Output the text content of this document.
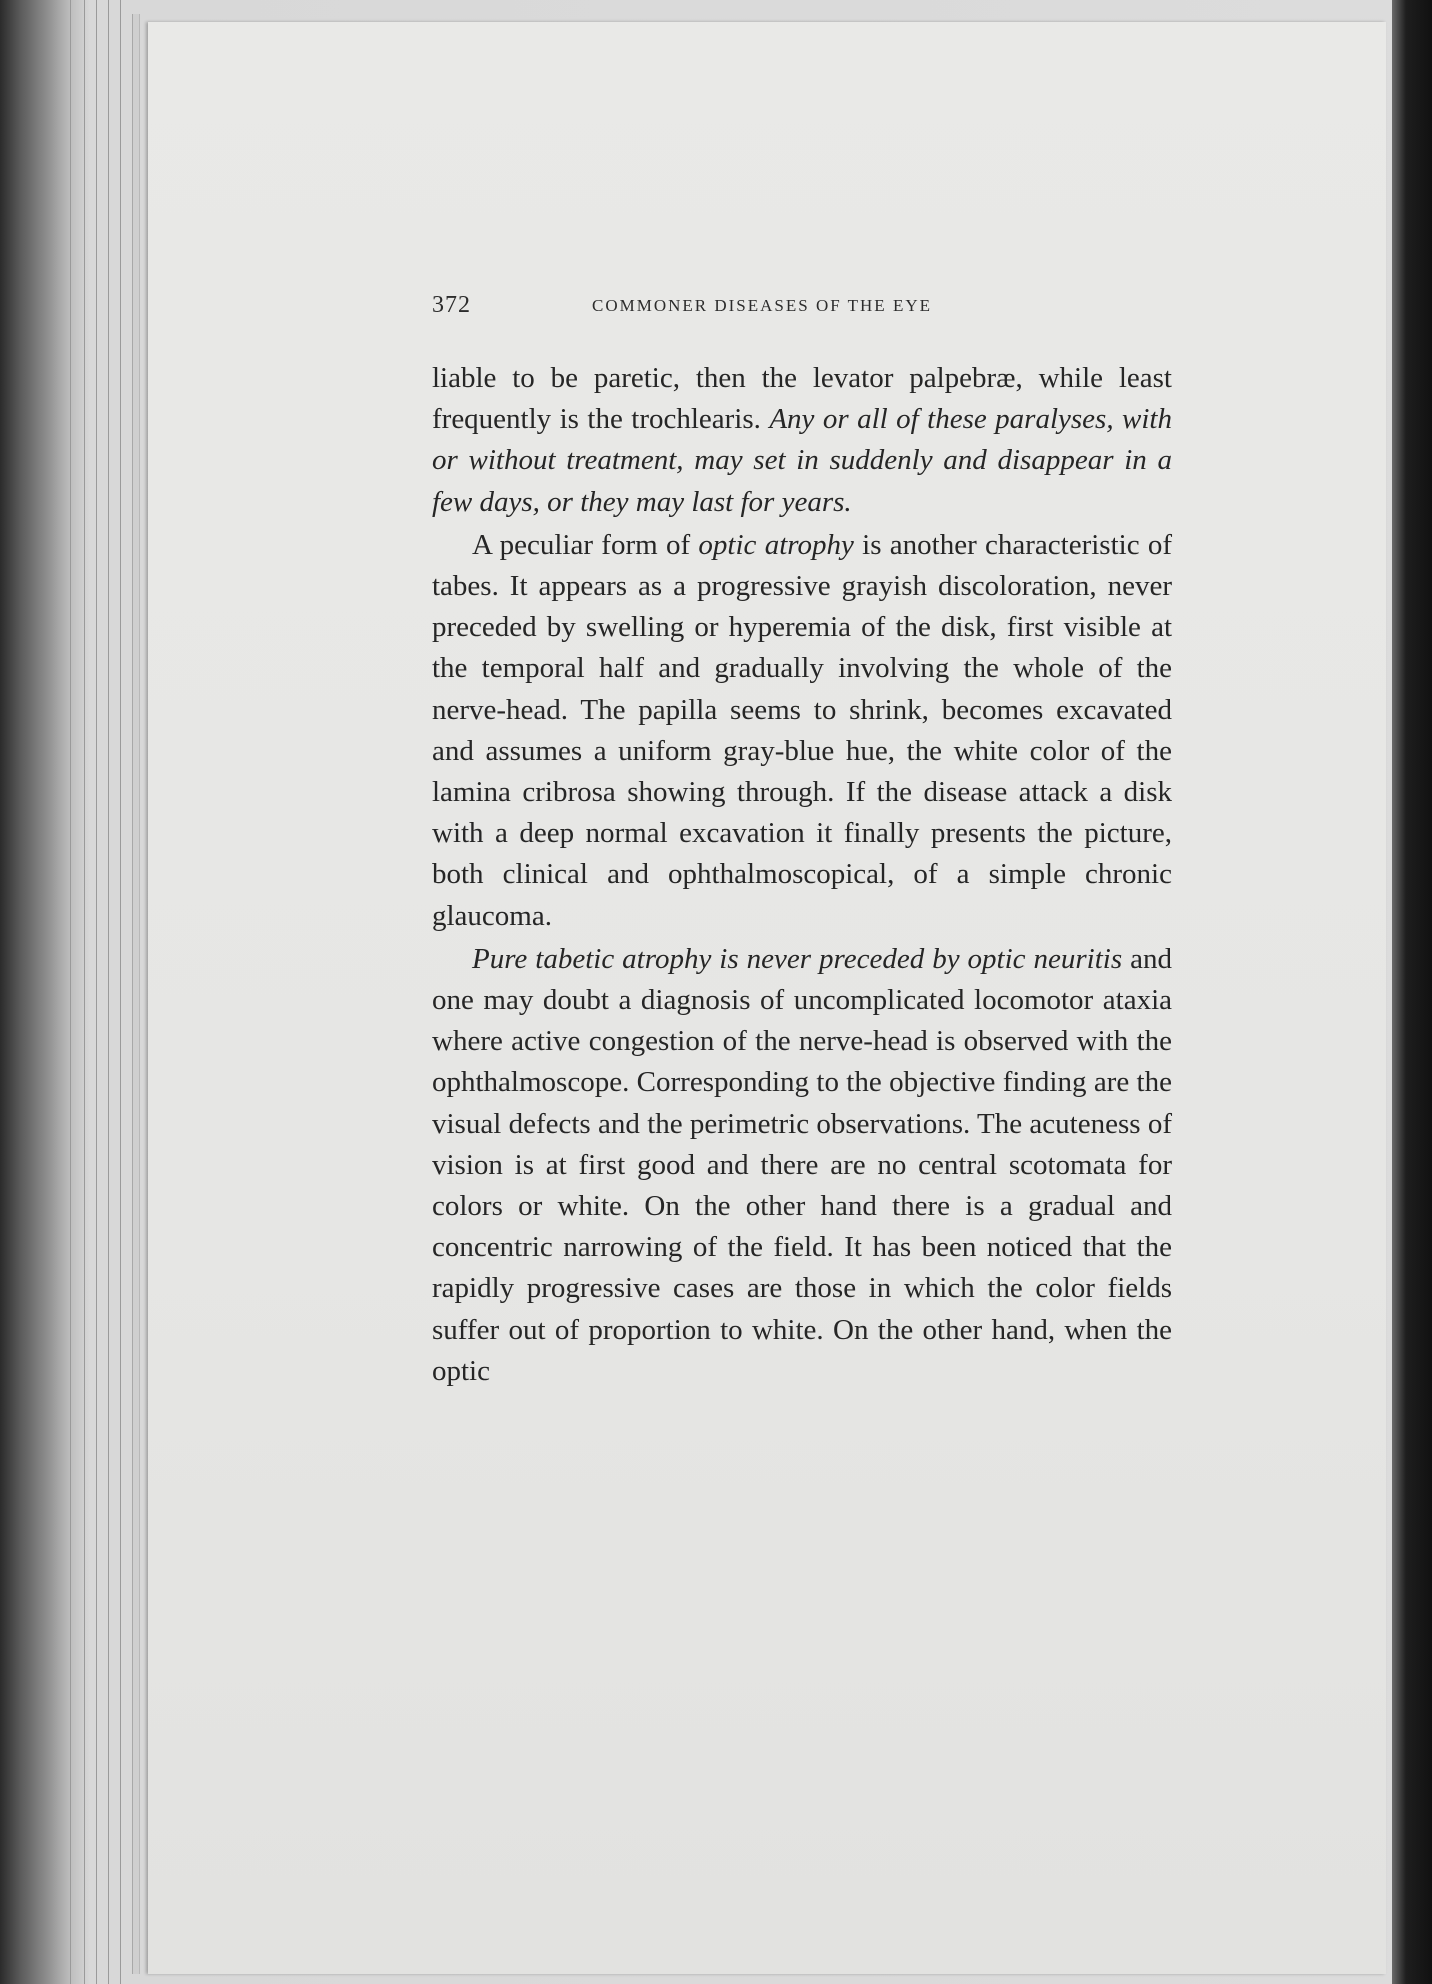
372	COMMONER DISEASES OF THE EYE

liable to be paretic, then the levator palpebræ, while least frequently is the trochlearis. Any or all of these paralyses, with or without treatment, may set in suddenly and disappear in a few days, or they may last for years.

A peculiar form of optic atrophy is another characteristic of tabes. It appears as a progressive grayish discoloration, never preceded by swelling or hyperemia of the disk, first visible at the temporal half and gradually involving the whole of the nerve-head. The papilla seems to shrink, becomes excavated and assumes a uniform gray-blue hue, the white color of the lamina cribrosa showing through. If the disease attack a disk with a deep normal excavation it finally presents the picture, both clinical and ophthalmoscopical, of a simple chronic glaucoma.

Pure tabetic atrophy is never preceded by optic neuritis and one may doubt a diagnosis of uncomplicated locomotor ataxia where active congestion of the nerve-head is observed with the ophthalmoscope. Corresponding to the objective finding are the visual defects and the perimetric observations. The acuteness of vision is at first good and there are no central scotomata for colors or white. On the other hand there is a gradual and concentric narrowing of the field. It has been noticed that the rapidly progressive cases are those in which the color fields suffer out of proportion to white. On the other hand, when the optic
